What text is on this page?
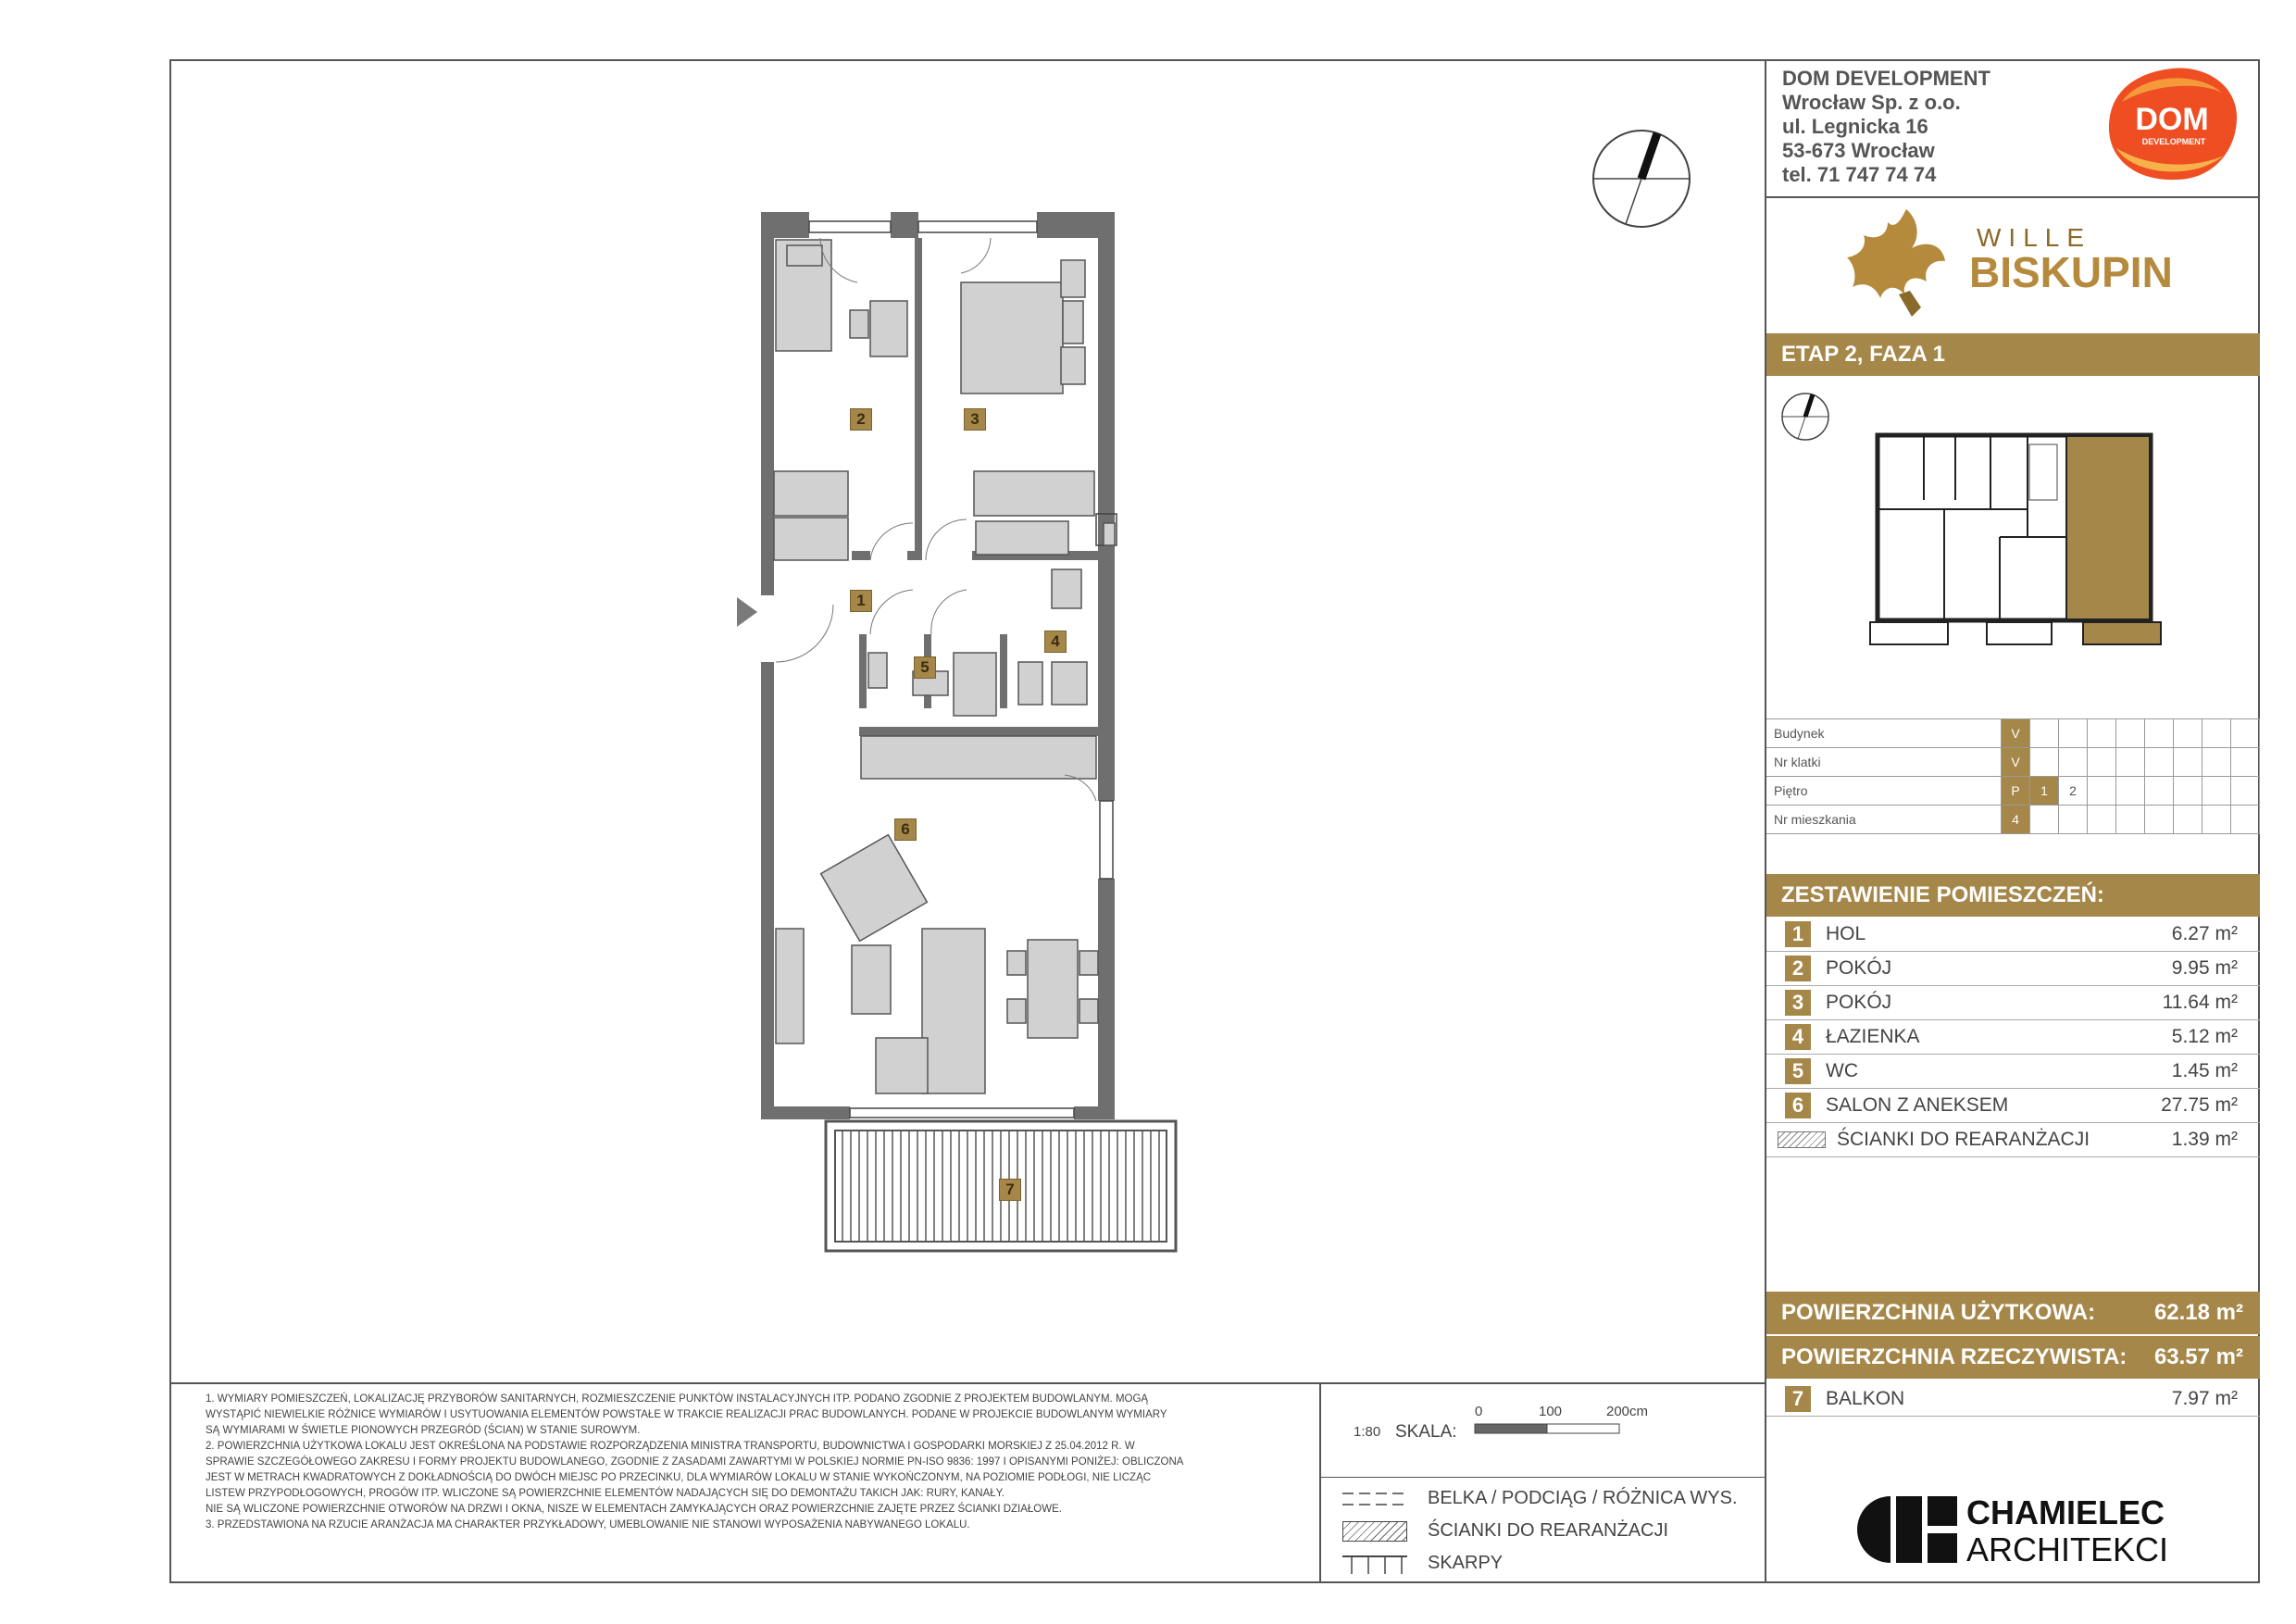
DOM DEVELOPMENT
Wrocław Sp. z o.o.
ul. Legnicka 16
53-673 Wrocław
tel. 71 747 74 74
DOM
DEVELOPMENT
WILLE
BISKUPIN
ETAP 2, FAZA 1
Budynek	V								
Nr klatki	V								
Piętro	P	1	2						
Nr mieszkania	4								
ZESTAWIENIE POMIESZCZEŃ:
1	HOL	6.27 m²
2	POKÓJ	9.95 m²
3	POKÓJ	11.64 m²
4	ŁAZIENKA	5.12 m²
5	WC	1.45 m²
6	SALON Z ANEKSEM	27.75 m²
ŚCIANKI DO REARANŻACJI	1.39 m²
POWIERZCHNIA UŻYTKOWA:	62.18 m²
POWIERZCHNIA RZECZYWISTA: 63.57 m²
7	BALKON	7.97 m²

1. WYMIARY POMIESZCZEŃ, LOKALIZACJĘ PRZYBORÓW SANITARNYCH, ROZMIESZCZENIE PUNKTÓW INSTALACYJNYCH ITP. PODANO ZGODNIE Z PROJEKTEM BUDOWLANYM. MOGĄ

WYSTĄPIĆ NIEWIELKIE RÓŻNICE WYMIARÓW I USYTUOWANIA ELEMENTÓW POWSTAŁE W TRAKCIE REALIZACJI PRAC BUDOWLANYCH. PODANE W PROJEKCIE BUDOWLANYM WYMIARY

SĄ WYMIARAMI W ŚWIETLE PIONOWYCH PRZEGRÓD (ŚCIAN) W STANIE SUROWYM.

2. POWIERZCHNIA UŻYTKOWA LOKALU JEST OKREŚLONA NA PODSTAWIE ROZPORZĄDZENIA MINISTRA TRANSPORTU, BUDOWNICTWA I GOSPODARKI MORSKIEJ Z 25.04.2012 R. W

SPRAWIE SZCZEGÓŁOWEGO ZAKRESU I FORMY PROJEKTU BUDOWLANEGO, ZGODNIE Z ZASADAMI ZAWARTYMI W POLSKIEJ NORMIE PN-ISO 9836: 1997 I OPISANYMI PONIŻEJ: OBLICZONA

JEST W METRACH KWADRATOWYCH Z DOKŁADNOŚCIĄ DO DWÓCH MIEJSC PO PRZECINKU, DLA WYMIARÓW LOKALU W STANIE WYKOŃCZONYM, NA POZIOMIE PODŁOGI, NIE LICZĄC

LISTEW PRZYPODŁOGOWYCH, PROGÓW ITP. WLICZONE SĄ POWIERZCHNIE ELEMENTÓW NADAJĄCYCH SIĘ DO DEMONTAŻU TAKICH JAK: RURY, KANAŁY.

NIE SĄ WLICZONE POWIERZCHNIE OTWORÓW NA DRZWI I OKNA, NISZE W ELEMENTACH ZAMYKAJĄCYCH ORAZ POWIERZCHNIE ZAJĘTE PRZEZ ŚCIANKI DZIAŁOWE.

3. PRZEDSTAWIONA NA RZUCIE ARANŻACJA MA CHARAKTER PRZYKŁADOWY, UMEBLOWANIE NIE STANOWI WYPOSAŻENIA NABYWANEGO LOKALU.

1:80 SKALA:
0	100	200cm
BELKA / PODCIĄG / RÓŻNICA WYS.
ŚCIANKI DO REARANŻACJI
SKARPY
CHAMIELEC
ARCHITEKCI
1
2	3
4
5
6
7
